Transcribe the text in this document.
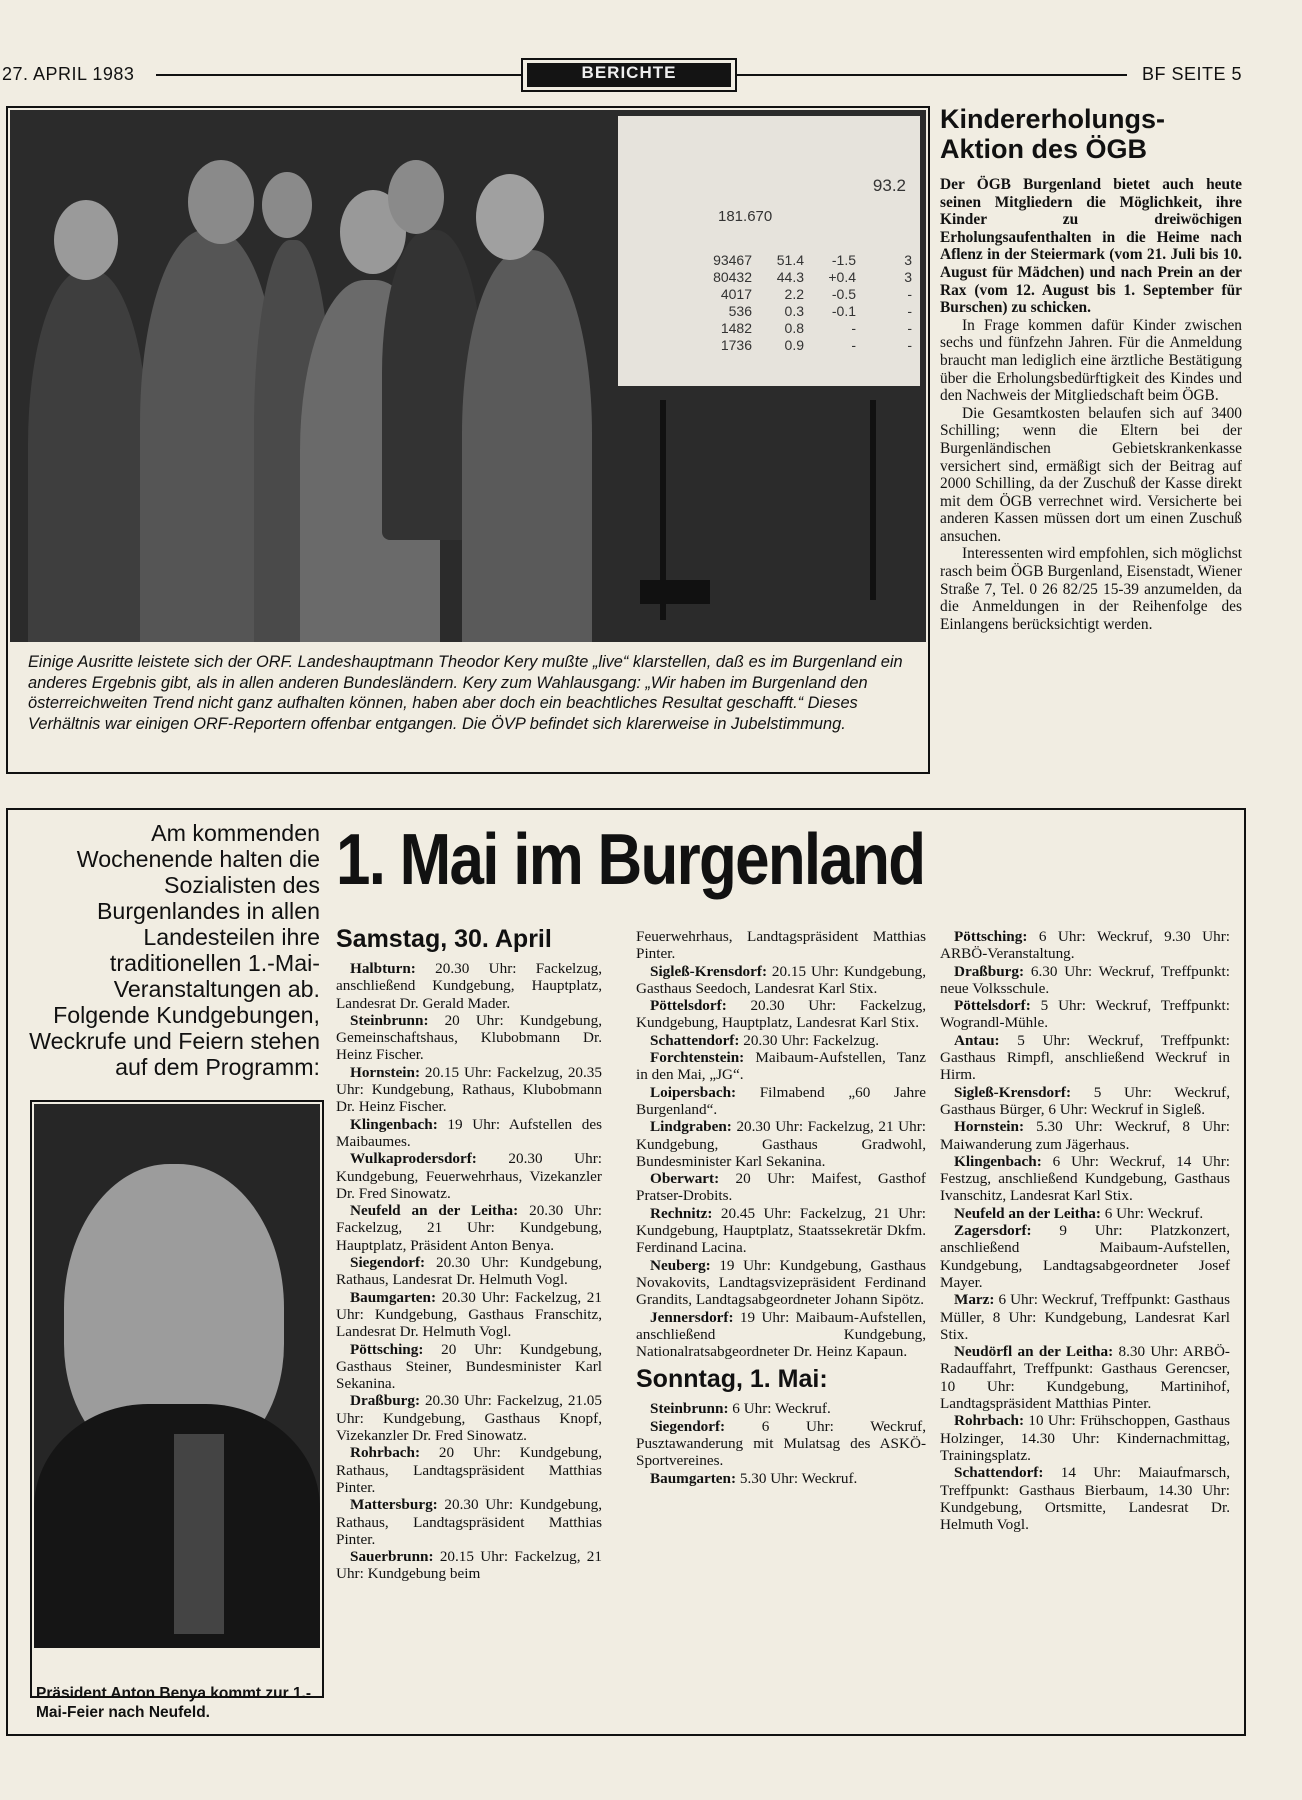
27. APRIL 1983	BERICHTE	BF SEITE 5
93.2
181.670
93467 51.4 -1.5	3
80432 44.3 +0.4	3
4017 2.2 -0.5	-
536 0.3 -0.1	-
1482 0.8	-	-
1736 0.9	-	-
Einige Ausritte leistete sich der ORF. Landeshauptmann Theodor Kery mußte „live“ klarstellen, daß es im Burgenland ein anderes Ergebnis gibt, als in allen anderen Bundesländern. Kery zum Wahlausgang: „Wir haben im Burgenland den österreichweiten Trend nicht ganz aufhalten können, haben aber doch ein beachtliches Resultat geschafft.“ Dieses Verhältnis war einigen ORF-Reportern offenbar entgangen. Die ÖVP befindet sich klarerweise in Jubelstimmung.
Kindererholungs-
Aktion des ÖGB
Der ÖGB Burgenland bietet auch heute seinen Mitgliedern die Möglichkeit, ihre Kinder zu dreiwöchigen Erholungsaufenthalten in die Heime nach Aflenz in der Steiermark (vom 21. Juli bis 10. August für Mädchen) und nach Prein an der Rax (vom 12. August bis 1. September für Burschen) zu schicken.

In Frage kommen dafür Kinder zwischen sechs und fünfzehn Jahren. Für die Anmeldung braucht man lediglich eine ärztliche Bestätigung über die Erholungsbedürftigkeit des Kindes und den Nachweis der Mitgliedschaft beim ÖGB.

Die Gesamtkosten belaufen sich auf 3400 Schilling; wenn die Eltern bei der Burgenländischen Gebietskrankenkasse versichert sind, ermäßigt sich der Beitrag auf 2000 Schilling, da der Zuschuß der Kasse direkt mit dem ÖGB verrechnet wird. Versicherte bei anderen Kassen müssen dort um einen Zuschuß ansuchen.

Interessenten wird empfohlen, sich möglichst rasch beim ÖGB Burgenland, Eisenstadt, Wiener Straße 7, Tel. 0 26 82/25 15-39 anzumelden, da die Anmeldungen in der Reihenfolge des Einlangens berücksichtigt werden.

Am kommenden Wochenende halten die Sozialisten des Burgenlandes in allen Landesteilen ihre traditionellen 1.-Mai-Veranstaltungen ab. Folgende Kundgebungen, Weckrufe und Feiern stehen auf dem Programm:
1. Mai im Burgenland
Präsident Anton Benya kommt zur 1.-Mai-Feier nach Neufeld.

Samstag, 30. April

Halbturn: 20.30 Uhr: Fackelzug, anschließend Kundgebung, Hauptplatz, Landesrat Dr. Gerald Mader.

Steinbrunn: 20 Uhr: Kundgebung, Gemeinschaftshaus, Klubobmann Dr. Heinz Fischer.

Hornstein: 20.15 Uhr: Fackelzug, 20.35 Uhr: Kundgebung, Rathaus, Klubobmann Dr. Heinz Fischer.

Klingenbach: 19 Uhr: Aufstellen des Maibaumes.

Wulkaprodersdorf: 20.30 Uhr: Kundgebung, Feuerwehrhaus, Vizekanzler Dr. Fred Sinowatz.

Neufeld an der Leitha: 20.30 Uhr: Fackelzug, 21 Uhr: Kundgebung, Hauptplatz, Präsident Anton Benya.

Siegendorf: 20.30 Uhr: Kundgebung, Rathaus, Landesrat Dr. Helmuth Vogl.

Baumgarten: 20.30 Uhr: Fackelzug, 21 Uhr: Kundgebung, Gasthaus Franschitz, Landesrat Dr. Helmuth Vogl.

Pöttsching: 20 Uhr: Kundgebung, Gasthaus Steiner, Bundesminister Karl Sekanina.

Draßburg: 20.30 Uhr: Fackelzug, 21.05 Uhr: Kundgebung, Gasthaus Knopf, Vizekanzler Dr. Fred Sinowatz.

Rohrbach: 20 Uhr: Kundgebung, Rathaus, Landtagspräsident Matthias Pinter.

Mattersburg: 20.30 Uhr: Kundgebung, Rathaus, Landtagspräsident Matthias Pinter.

Sauerbrunn: 20.15 Uhr: Fackelzug, 21 Uhr: Kundgebung beim

Feuerwehrhaus, Landtagspräsident Matthias Pinter.

Sigleß-Krensdorf: 20.15 Uhr: Kundgebung, Gasthaus Seedoch, Landesrat Karl Stix.

Pöttelsdorf: 20.30 Uhr: Fackelzug, Kundgebung, Hauptplatz, Landesrat Karl Stix.

Schattendorf: 20.30 Uhr: Fackelzug.

Forchtenstein: Maibaum-Aufstellen, Tanz in den Mai, „JG“.

Loipersbach: Filmabend „60 Jahre Burgenland“.

Lindgraben: 20.30 Uhr: Fackelzug, 21 Uhr: Kundgebung, Gasthaus Gradwohl, Bundesminister Karl Sekanina.

Oberwart: 20 Uhr: Maifest, Gasthof Pratser-Drobits.

Rechnitz: 20.45 Uhr: Fackelzug, 21 Uhr: Kundgebung, Hauptplatz, Staatssekretär Dkfm. Ferdinand Lacina.

Neuberg: 19 Uhr: Kundgebung, Gasthaus Novakovits, Landtagsvizepräsident Ferdinand Grandits, Landtagsabgeordneter Johann Sipötz.

Jennersdorf: 19 Uhr: Maibaum-Aufstellen, anschließend Kundgebung, Nationalratsabgeordneter Dr. Heinz Kapaun.

Sonntag, 1. Mai:

Steinbrunn: 6 Uhr: Weckruf.

Siegendorf: 6 Uhr: Weckruf, Pusztawanderung mit Mulatsag des ASKÖ-Sportvereines.

Baumgarten: 5.30 Uhr: Weckruf.

Pöttsching: 6 Uhr: Weckruf, 9.30 Uhr: ARBÖ-Veranstaltung.

Draßburg: 6.30 Uhr: Weckruf, Treffpunkt: neue Volksschule.

Pöttelsdorf: 5 Uhr: Weckruf, Treffpunkt: Wograndl-Mühle.

Antau: 5 Uhr: Weckruf, Treffpunkt: Gasthaus Rimpfl, anschließend Weckruf in Hirm.

Sigleß-Krensdorf: 5 Uhr: Weckruf, Gasthaus Bürger, 6 Uhr: Weckruf in Sigleß.

Hornstein: 5.30 Uhr: Weckruf, 8 Uhr: Maiwanderung zum Jägerhaus.

Klingenbach: 6 Uhr: Weckruf, 14 Uhr: Festzug, anschließend Kundgebung, Gasthaus Ivanschitz, Landesrat Karl Stix.

Neufeld an der Leitha: 6 Uhr: Weckruf.

Zagersdorf: 9 Uhr: Platzkonzert, anschließend Maibaum-Aufstellen, Kundgebung, Landtagsabgeordneter Josef Mayer.

Marz: 6 Uhr: Weckruf, Treffpunkt: Gasthaus Müller, 8 Uhr: Kundgebung, Landesrat Karl Stix.

Neudörfl an der Leitha: 8.30 Uhr: ARBÖ-Radauffahrt, Treffpunkt: Gasthaus Gerencser, 10 Uhr: Kundgebung, Martinihof, Landtagspräsident Matthias Pinter.

Rohrbach: 10 Uhr: Frühschoppen, Gasthaus Holzinger, 14.30 Uhr: Kindernachmittag, Trainingsplatz.

Schattendorf: 14 Uhr: Maiaufmarsch, Treffpunkt: Gasthaus Bierbaum, 14.30 Uhr: Kundgebung, Ortsmitte, Landesrat Dr. Helmuth Vogl.
